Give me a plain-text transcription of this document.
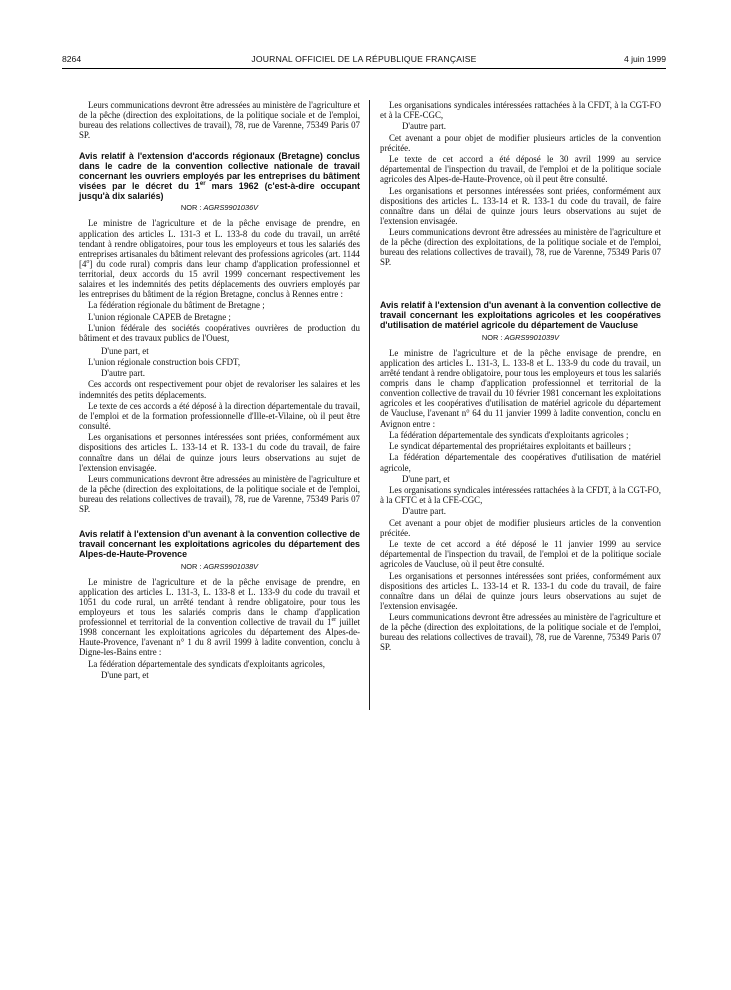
8264	JOURNAL OFFICIEL DE LA RÉPUBLIQUE FRANÇAISE	4 juin 1999

Leurs communications devront être adressées au ministère de l'agriculture et de la pêche (direction des exploitations, de la politique sociale et de l'emploi, bureau des relations collectives de travail), 78, rue de Varenne, 75349 Paris 07 SP.

Avis relatif à l'extension d'accords régionaux (Bretagne) conclus dans le cadre de la convention collective nationale de travail concernant les ouvriers employés par les entreprises du bâtiment visées par le décret du 1er mars 1962 (c'est-à-dire occupant jusqu'à dix salariés)
NOR : AGRS9901036V

Le ministre de l'agriculture et de la pêche envisage de prendre, en application des articles L. 131-3 et L. 133-8 du code du travail, un arrêté tendant à rendre obligatoires, pour tous les employeurs et tous les salariés des entreprises artisanales du bâtiment relevant des professions agricoles (art. 1144 [4$^o$] du code rural) compris dans leur champ d'application professionnel et territorial, deux accords du 15 avril 1999 concernant respectivement les salaires et les indemnités des petits déplacements des ouvriers employés par les entreprises du bâtiment de la région Bretagne, conclus à Rennes entre :

La fédération régionale du bâtiment de Bretagne ;

L'union régionale CAPEB de Bretagne ;

L'union fédérale des sociétés coopératives ouvrières de production du bâtiment et des travaux publics de l'Ouest,

D'une part, et

L'union régionale construction bois CFDT,

D'autre part.

Ces accords ont respectivement pour objet de revaloriser les salaires et les indemnités des petits déplacements.

Le texte de ces accords a été déposé à la direction départementale du travail, de l'emploi et de la formation professionnelle d'Ille-et-Vilaine, où il peut être consulté.

Les organisations et personnes intéressées sont priées, conformément aux dispositions des articles L. 133-14 et R. 133-1 du code du travail, de faire connaître dans un délai de quinze jours leurs observations au sujet de l'extension envisagée.

Leurs communications devront être adressées au ministère de l'agriculture et de la pêche (direction des exploitations, de la politique sociale et de l'emploi, bureau des relations collectives de travail), 78, rue de Varenne, 75349 Paris 07 SP.

Avis relatif à l'extension d'un avenant à la convention collective de travail concernant les exploitations agricoles du département des Alpes-de-Haute-Provence
NOR : AGRS9901038V

Le ministre de l'agriculture et de la pêche envisage de prendre, en application des articles L. 131-3, L. 133-8 et L. 133-9 du code du travail et 1051 du code rural, un arrêté tendant à rendre obligatoire, pour tous les employeurs et tous les salariés compris dans le champ d'application professionnel et territorial de la convention collective de travail du 1er juillet 1998 concernant les exploitations agricoles du département des Alpes-de-Haute-Provence, l'avenant n° 1 du 8 avril 1999 à ladite convention, conclu à Digne-les-Bains entre :

La fédération départementale des syndicats d'exploitants agricoles,

D'une part, et

Les organisations syndicales intéressées rattachées à la CFDT, à la CGT-FO et à la CFE-CGC,

D'autre part.

Cet avenant a pour objet de modifier plusieurs articles de la convention précitée.

Le texte de cet accord a été déposé le 30 avril 1999 au service départemental de l'inspection du travail, de l'emploi et de la politique sociale agricoles des Alpes-de-Haute-Provence, où il peut être consulté.

Les organisations et personnes intéressées sont priées, conformément aux dispositions des articles L. 133-14 et R. 133-1 du code du travail, de faire connaître dans un délai de quinze jours leurs observations au sujet de l'extension envisagée.

Leurs communications devront être adressées au ministère de l'agriculture et de la pêche (direction des exploitations, de la politique sociale et de l'emploi, bureau des relations collectives de travail), 78, rue de Varenne, 75349 Paris 07 SP.

Avis relatif à l'extension d'un avenant à la convention collective de travail concernant les exploitations agricoles et les coopératives d'utilisation de matériel agricole du département de Vaucluse
NOR : AGRS9901039V

Le ministre de l'agriculture et de la pêche envisage de prendre, en application des articles L. 131-3, L. 133-8 et L. 133-9 du code du travail, un arrêté tendant à rendre obligatoire, pour tous les employeurs et tous les salariés compris dans le champ d'application professionnel et territorial de la convention collective de travail du 10 février 1981 concernant les exploitations agricoles et les coopératives d'utilisation de matériel agricole du département de Vaucluse, l'avenant n° 64 du 11 janvier 1999 à ladite convention, conclu en Avignon entre :

La fédération départementale des syndicats d'exploitants agricoles ;

Le syndicat départemental des propriétaires exploitants et bailleurs ;

La fédération départementale des coopératives d'utilisation de matériel agricole,

D'une part, et

Les organisations syndicales intéressées rattachées à la CFDT, à la CGT-FO, à la CFTC et à la CFE-CGC,

D'autre part.

Cet avenant a pour objet de modifier plusieurs articles de la convention précitée.

Le texte de cet accord a été déposé le 11 janvier 1999 au service départemental de l'inspection du travail, de l'emploi et de la politique sociale agricoles de Vaucluse, où il peut être consulté.

Les organisations et personnes intéressées sont priées, conformément aux dispositions des articles L. 133-14 et R. 133-1 du code du travail, de faire connaître dans un délai de quinze jours leurs observations au sujet de l'extension envisagée.

Leurs communications devront être adressées au ministère de l'agriculture et de la pêche (direction des exploitations, de la politique sociale et de l'emploi, bureau des relations collectives de travail), 78, rue de Varenne, 75349 Paris 07 SP.
